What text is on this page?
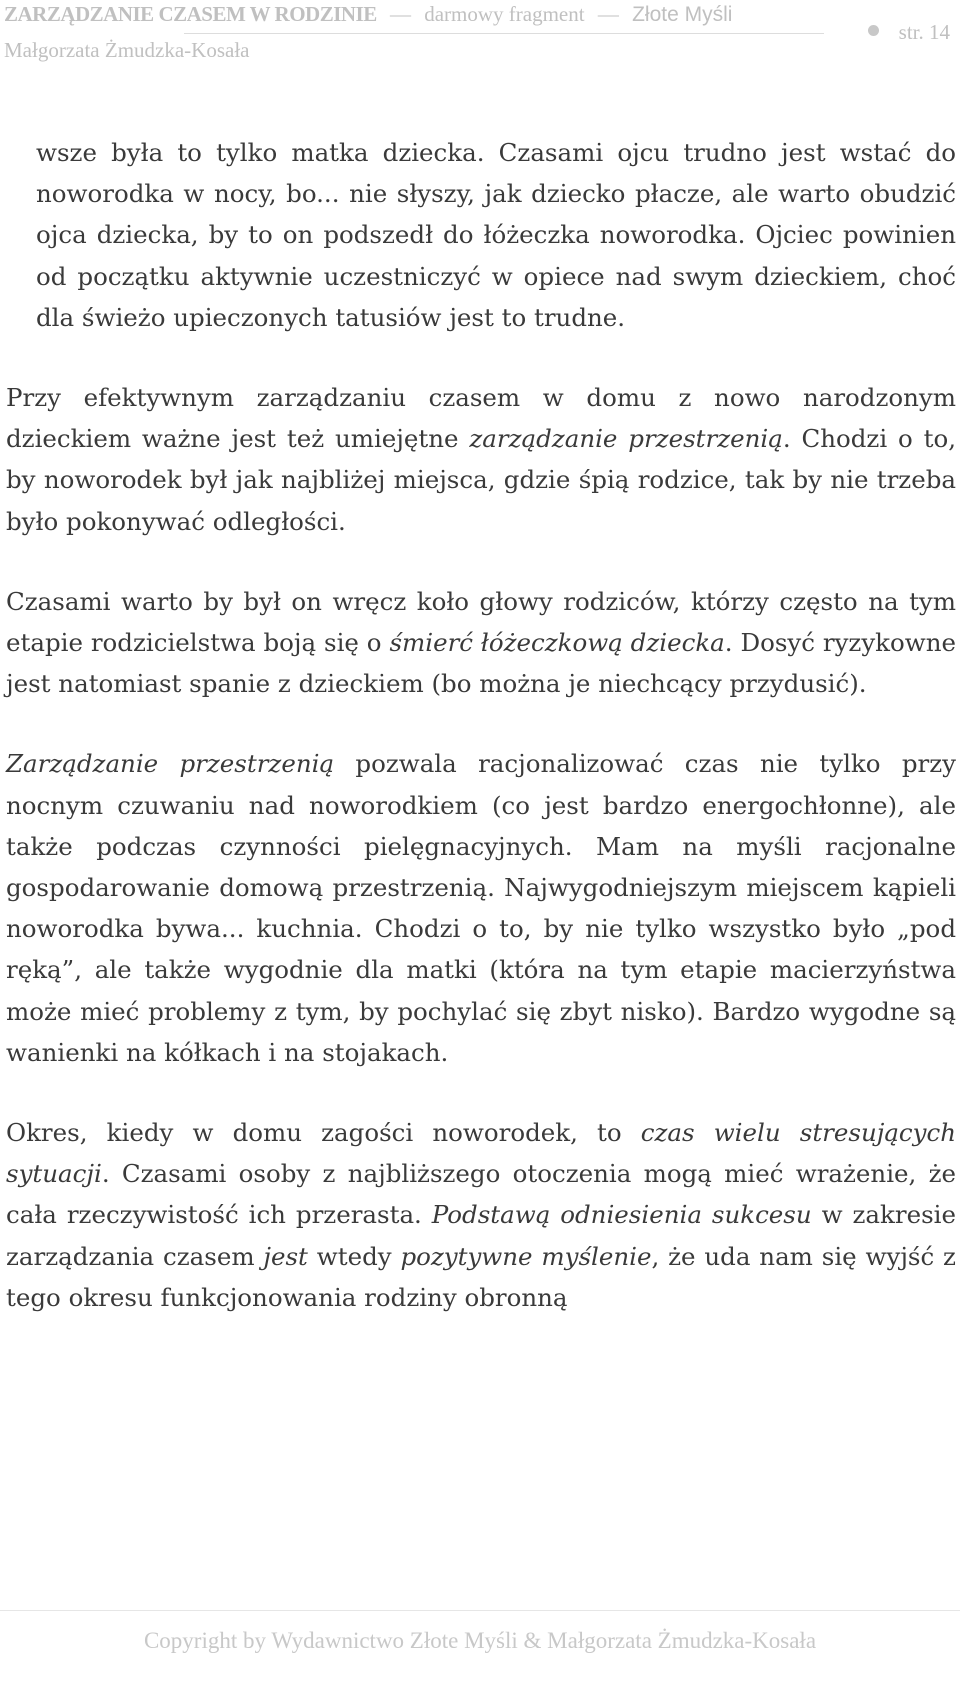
ZARZĄDZANIE CZASEM W RODZINIE — darmowy fragment — Złote Myśli
Małgorzata Żmudzka-Kosała
str. 14

wsze była to tylko matka dziecka. Czasami ojcu trudno jest wstać do noworodka w nocy, bo... nie słyszy, jak dziecko płacze, ale warto obudzić ojca dziecka, by to on podszedł do łóżeczka noworodka. Ojciec powinien od początku aktywnie uczestniczyć w opiece nad swym dzieckiem, choć dla świeżo upieczonych tatusiów jest to trudne.

Przy efektywnym zarządzaniu czasem w domu z nowo narodzonym dzieckiem ważne jest też umiejętne zarządzanie przestrzenią. Chodzi o to, by noworodek był jak najbliżej miejsca, gdzie śpią rodzice, tak by nie trzeba było pokonywać odległości.

Czasami warto by był on wręcz koło głowy rodziców, którzy często na tym etapie rodzicielstwa boją się o śmierć łóżeczkową dziecka. Dosyć ryzykowne jest natomiast spanie z dzieckiem (bo można je niechcący przydusić).

Zarządzanie przestrzenią pozwala racjonalizować czas nie tylko przy nocnym czuwaniu nad noworodkiem (co jest bardzo energochłonne), ale także podczas czynności pielęgnacyjnych. Mam na myśli racjonalne gospodarowanie domową przestrzenią. Najwygodniejszym miejscem kąpieli noworodka bywa... kuchnia. Chodzi o to, by nie tylko wszystko było „pod ręką”, ale także wygodnie dla matki (która na tym etapie macierzyństwa może mieć problemy z tym, by pochylać się zbyt nisko). Bardzo wygodne są wanienki na kółkach i na stojakach.

Okres, kiedy w domu zagości noworodek, to czas wielu stresujących sytuacji. Czasami osoby z najbliższego otoczenia mogą mieć wrażenie, że cała rzeczywistość ich przerasta. Podstawą odniesienia sukcesu w zakresie zarządzania czasem jest wtedy pozytywne myślenie, że uda nam się wyjść z tego okresu funkcjonowania rodziny obronną

Copyright by Wydawnictwo Złote Myśli & Małgorzata Żmudzka-Kosała
